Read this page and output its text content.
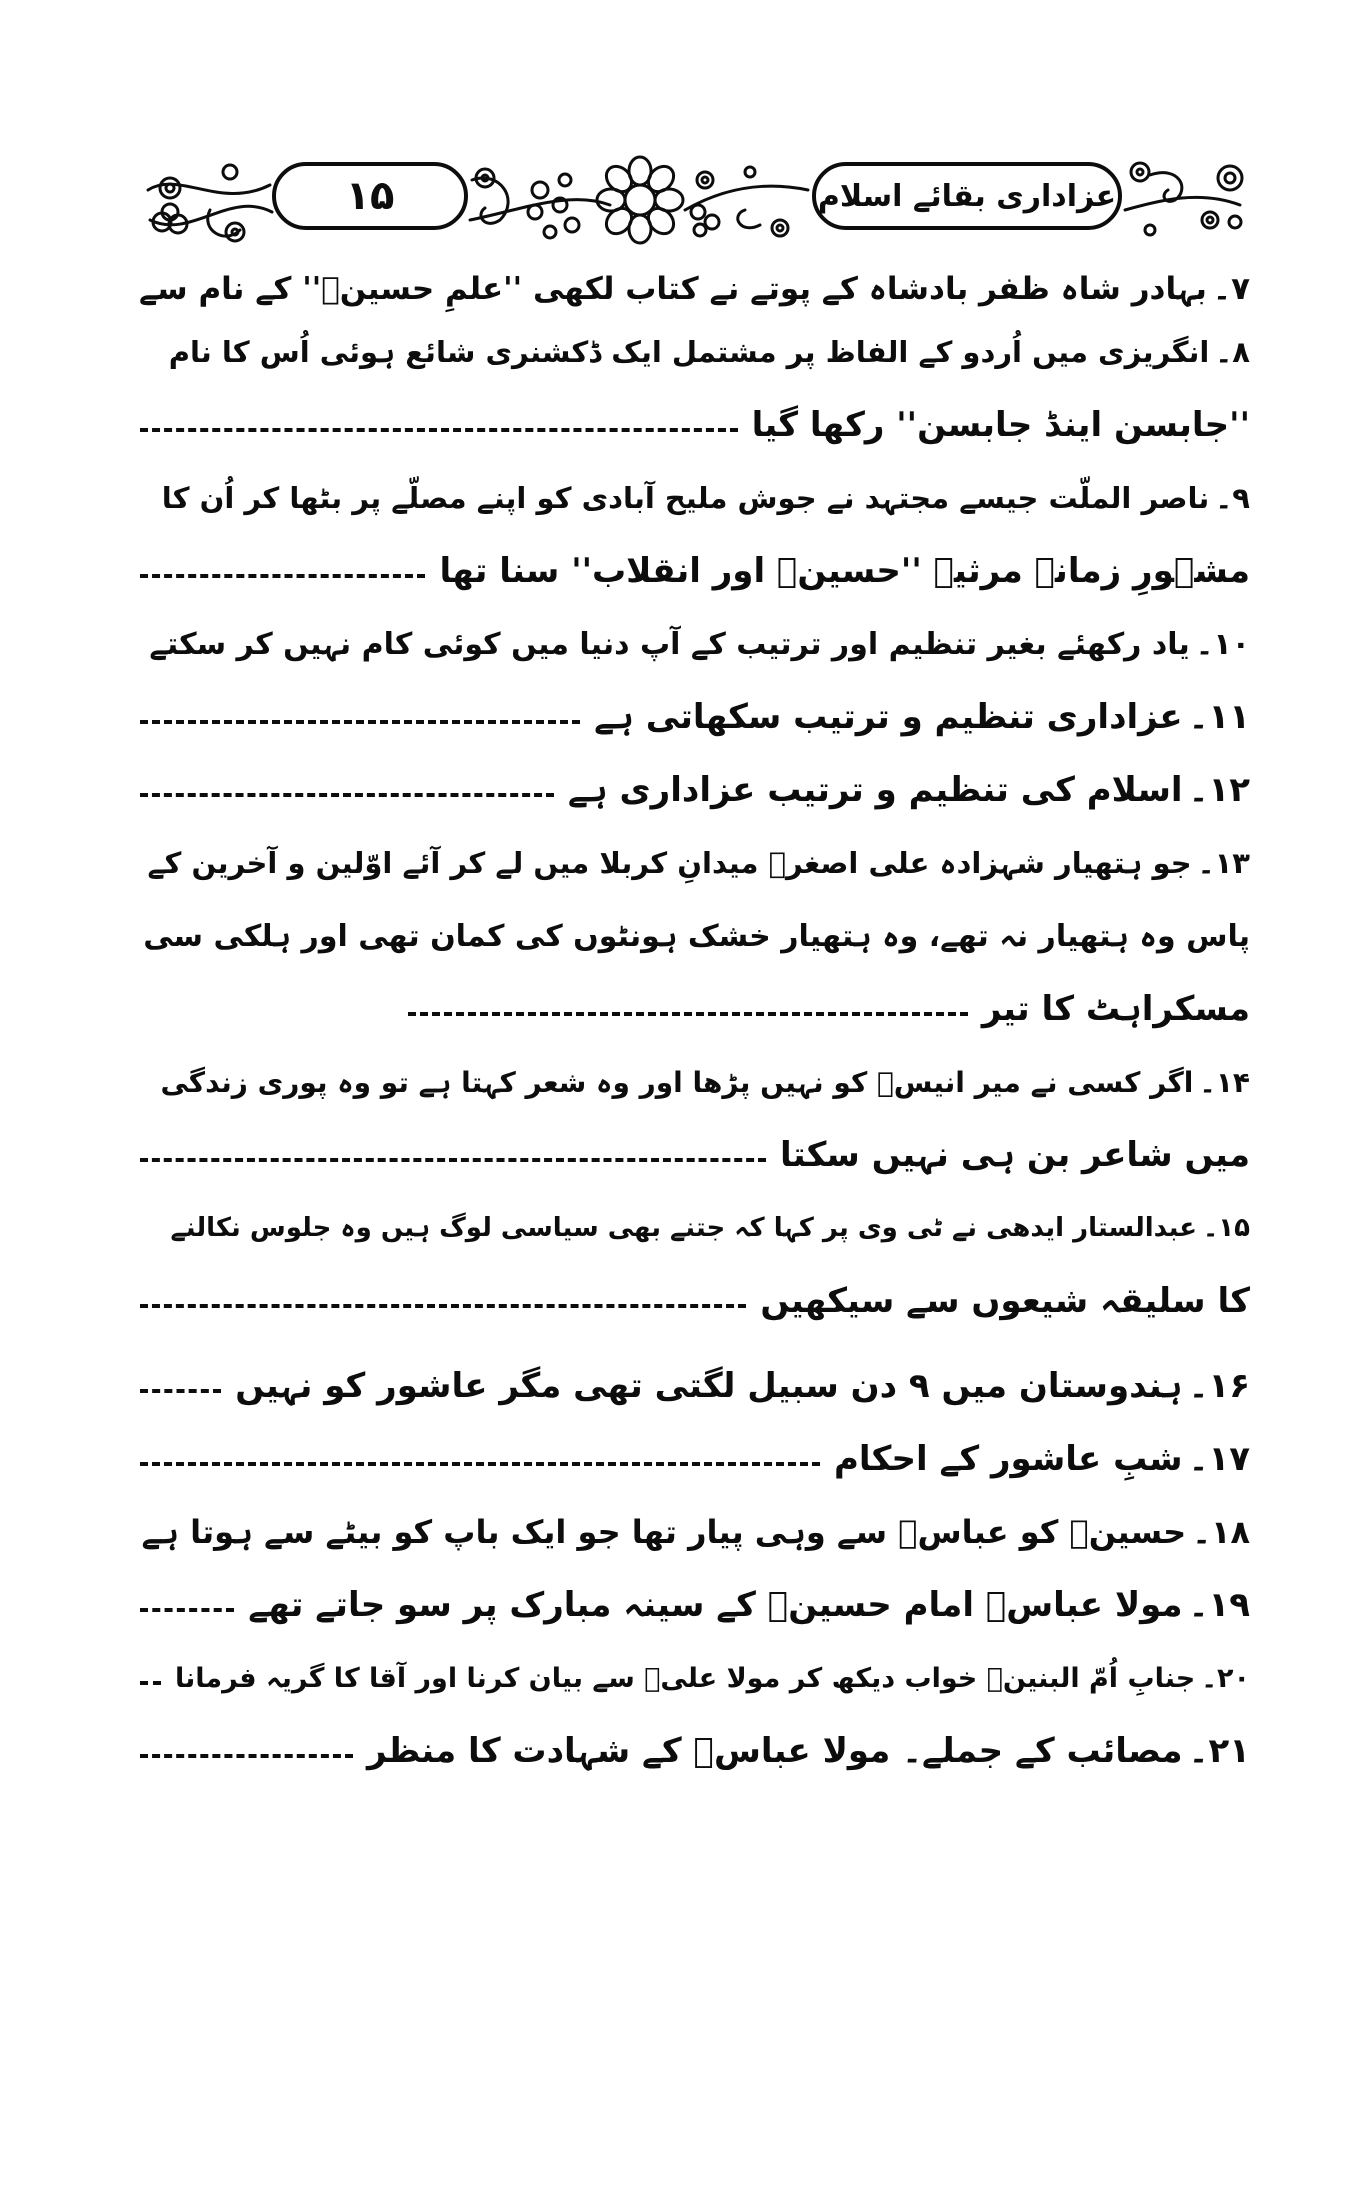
۱۵	عزاداری بقائے اسلام
۷۔
بہادر شاہ ظفر بادشاہ کے پوتے نے کتاب لکھی ''علمِ حسینؑ'' کے نام سے
۸۔
انگریزی میں اُردو کے الفاظ پر مشتمل ایک ڈکشنری شائع ہوئی اُس کا نام
''جابسن اینڈ جابسن'' رکھا گیا
۹۔
ناصر الملّت جیسے مجتہد نے جوش ملیح آبادی کو اپنے مصلّے پر بٹھا کر اُن کا
مشہورِ زمانہ مرثیہ ''حسینؑ اور انقلاب'' سنا تھا
۱۰۔
یاد رکھئے بغیر تنظیم اور ترتیب کے آپ دنیا میں کوئی کام نہیں کر سکتے
۱۱۔
عزاداری تنظیم و ترتیب سکھاتی ہے
۱۲۔
اسلام کی تنظیم و ترتیب عزاداری ہے
۱۳۔
جو ہتھیار شہزادہ علی اصغرؑ میدانِ کربلا میں لے کر آئے اوّلین و آخرین کے
پاس وہ ہتھیار نہ تھے، وہ ہتھیار خشک ہونٹوں کی کمان تھی اور ہلکی سی
مسکراہٹ کا تیر
۱۴۔
اگر کسی نے میر انیسؔ کو نہیں پڑھا اور وہ شعر کہتا ہے تو وہ پوری زندگی
میں شاعر بن ہی نہیں سکتا
۱۵۔
عبدالستار ایدھی نے ٹی وی پر کہا کہ جتنے بھی سیاسی لوگ ہیں وہ جلوس نکالنے
کا سلیقہ شیعوں سے سیکھیں
۱۶۔
ہندوستان میں ۹ دن سبیل لگتی تھی مگر عاشور کو نہیں
۱۷۔
شبِ عاشور کے احکام
۱۸۔
حسینؑ کو عباسؑ سے وہی پیار تھا جو ایک باپ کو بیٹے سے ہوتا ہے
۱۹۔
مولا عباسؑ امام حسینؑ کے سینہ مبارک پر سو جاتے تھے
۲۰۔
جنابِ اُمّ البنینؑ خواب دیکھ کر مولا علیؑ سے بیان کرنا اور آقا کا گریہ فرمانا
۲۱۔
مصائب کے جملے۔ مولا عباسؑ کے شہادت کا منظر
